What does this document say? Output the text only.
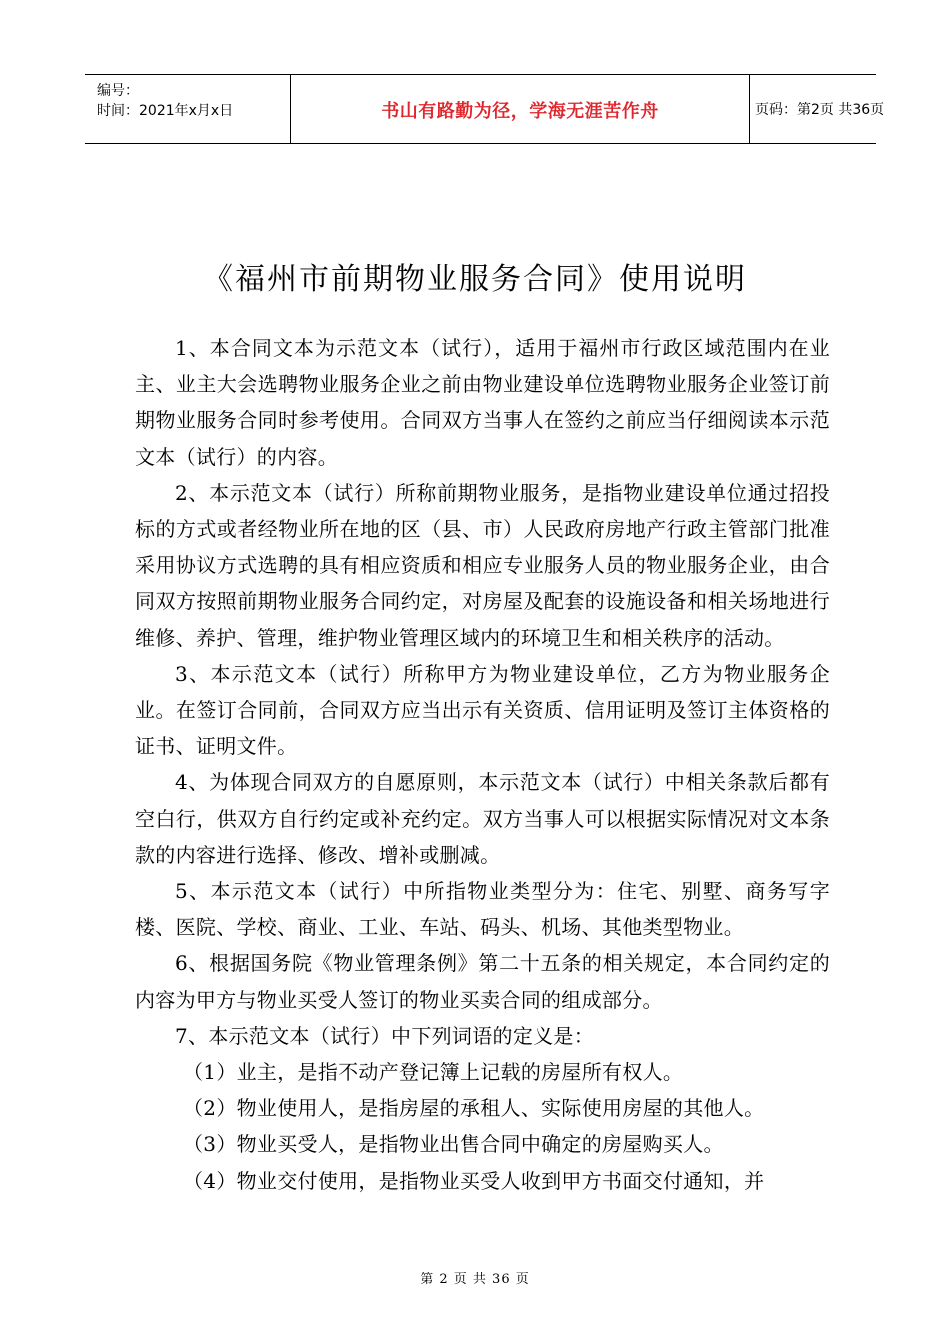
编号：
时间：2021年x月x日	书山有路勤为径，学海无涯苦作舟	页码：第2页 共36页
《福州市前期物业服务合同》使用说明

1、本合同文本为示范文本（试行），适用于福州市行政区域范围内在业主、业主大会选聘物业服务企业之前由物业建设单位选聘物业服务企业签订前期物业服务合同时参考使用。合同双方当事人在签约之前应当仔细阅读本示范文本（试行）的内容。

2、本示范文本（试行）所称前期物业服务，是指物业建设单位通过招投标的方式或者经物业所在地的区（县、市）人民政府房地产行政主管部门批准采用协议方式选聘的具有相应资质和相应专业服务人员的物业服务企业，由合同双方按照前期物业服务合同约定，对房屋及配套的设施设备和相关场地进行维修、养护、管理，维护物业管理区域内的环境卫生和相关秩序的活动。

3、本示范文本（试行）所称甲方为物业建设单位，乙方为物业服务企业。在签订合同前，合同双方应当出示有关资质、信用证明及签订主体资格的证书、证明文件。

4、为体现合同双方的自愿原则，本示范文本（试行）中相关条款后都有空白行，供双方自行约定或补充约定。双方当事人可以根据实际情况对文本条款的内容进行选择、修改、增补或删减。

5、本示范文本（试行）中所指物业类型分为：住宅、别墅、商务写字楼、医院、学校、商业、工业、车站、码头、机场、其他类型物业。

6、根据国务院《物业管理条例》第二十五条的相关规定，本合同约定的内容为甲方与物业买受人签订的物业买卖合同的组成部分。

7、本示范文本（试行）中下列词语的定义是：

（1）业主，是指不动产登记簿上记载的房屋所有权人。

（2）物业使用人，是指房屋的承租人、实际使用房屋的其他人。

（3）物业买受人，是指物业出售合同中确定的房屋购买人。

（4）物业交付使用，是指物业买受人收到甲方书面交付通知，并

第 2 页 共 36 页
